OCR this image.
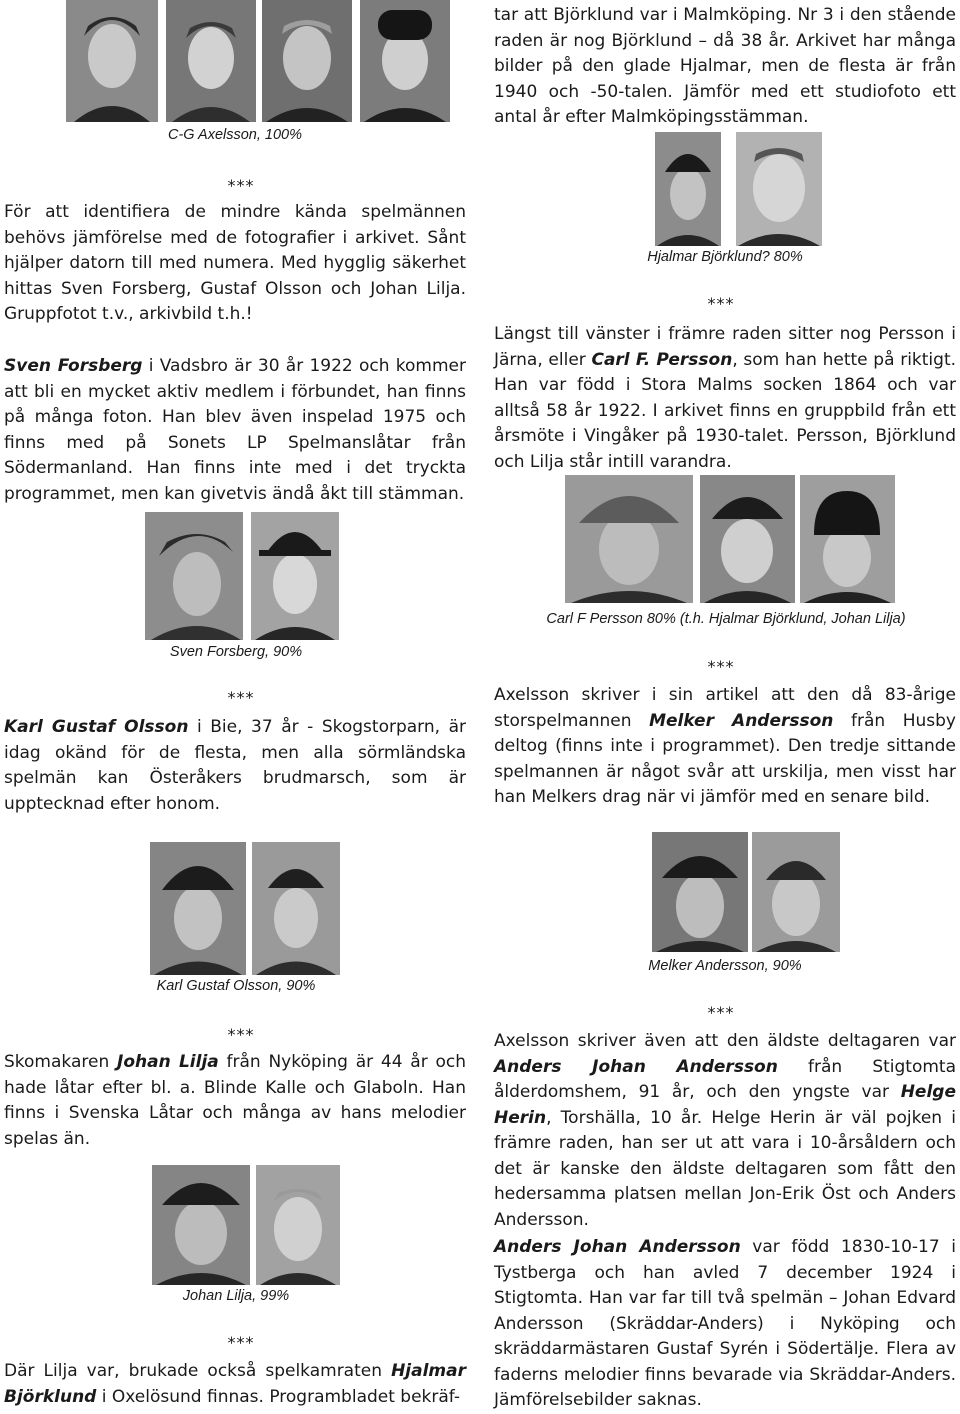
C-G Axelsson, 100%
***

För att identifiera de mindre kända spelmännen behövs jämförelse med de fotografier i arkivet. Sånt hjälper datorn till med numera. Med hygglig säkerhet hittas Sven Forsberg, Gustaf Olsson och Johan Lilja. Gruppfotot t.v., arkivbild t.h.!

Sven Forsberg i Vadsbro är 30 år 1922 och kommer att bli en mycket aktiv medlem i förbundet, han finns på många foton. Han blev även inspelad 1975 och finns med på Sonets LP Spelmanslåtar från Södermanland. Han finns inte med i det tryckta programmet, men kan givetvis ändå åkt till stämman.

Sven Forsberg, 90%
***

Karl Gustaf Olsson i Bie, 37 år - Skogstorparn, är idag okänd för de flesta, men alla sörmländska spelmän kan Österåkers brudmarsch, som är upptecknad efter honom.

Karl Gustaf Olsson, 90%
***

Skomakaren Johan Lilja från Nyköping är 44 år och hade låtar efter bl. a. Blinde Kalle och Glaboln. Han finns i Svenska Låtar och många av hans melodier spelas än.

Johan Lilja, 99%
***

Där Lilja var, brukade också spelkamraten Hjalmar Björklund i Oxelösund finnas. Programbladet bekräf-

tar att Björklund var i Malmköping. Nr 3 i den stående raden är nog Björklund – då 38 år. Arkivet har många bilder på den glade Hjalmar, men de flesta är från 1940 och -50-talen. Jämför med ett studiofoto ett antal år efter Malmköpingsstämman.

Hjalmar Björklund? 80%
***

Längst till vänster i främre raden sitter nog Persson i Järna, eller Carl F. Persson, som han hette på riktigt. Han var född i Stora Malms socken 1864 och var alltså 58 år 1922. I arkivet finns en gruppbild från ett årsmöte i Vingåker på 1930-talet. Persson, Björklund och Lilja står intill varandra.

Carl F Persson 80% (t.h. Hjalmar Björklund, Johan Lilja)
***

Axelsson skriver i sin artikel att den då 83-årige storspelmannen Melker Andersson från Husby deltog (finns inte i programmet). Den tredje sittande spelmannen är något svår att urskilja, men visst har han Melkers drag när vi jämför med en senare bild.

Melker Andersson, 90%
***

Axelsson skriver även att den äldste deltagaren var Anders Johan Andersson från Stigtomta ålderdomshem, 91 år, och den yngste var Helge Herin, Torshälla, 10 år. Helge Herin är väl pojken i främre raden, han ser ut att vara i 10-årsåldern och det är kanske den äldste deltagaren som fått den hedersamma platsen mellan Jon-Erik Öst och Anders Andersson.

Anders Johan Andersson var född 1830-10-17 i Tystberga och han avled 7 december 1924 i Stigtomta. Han var far till två spelmän – Johan Edvard Andersson (Skräddar-Anders) i Nyköping och skräddarmästaren Gustaf Syrén i Södertälje. Flera av faderns melodier finns bevarade via Skräddar-Anders. Jämförelsebilder saknas.
